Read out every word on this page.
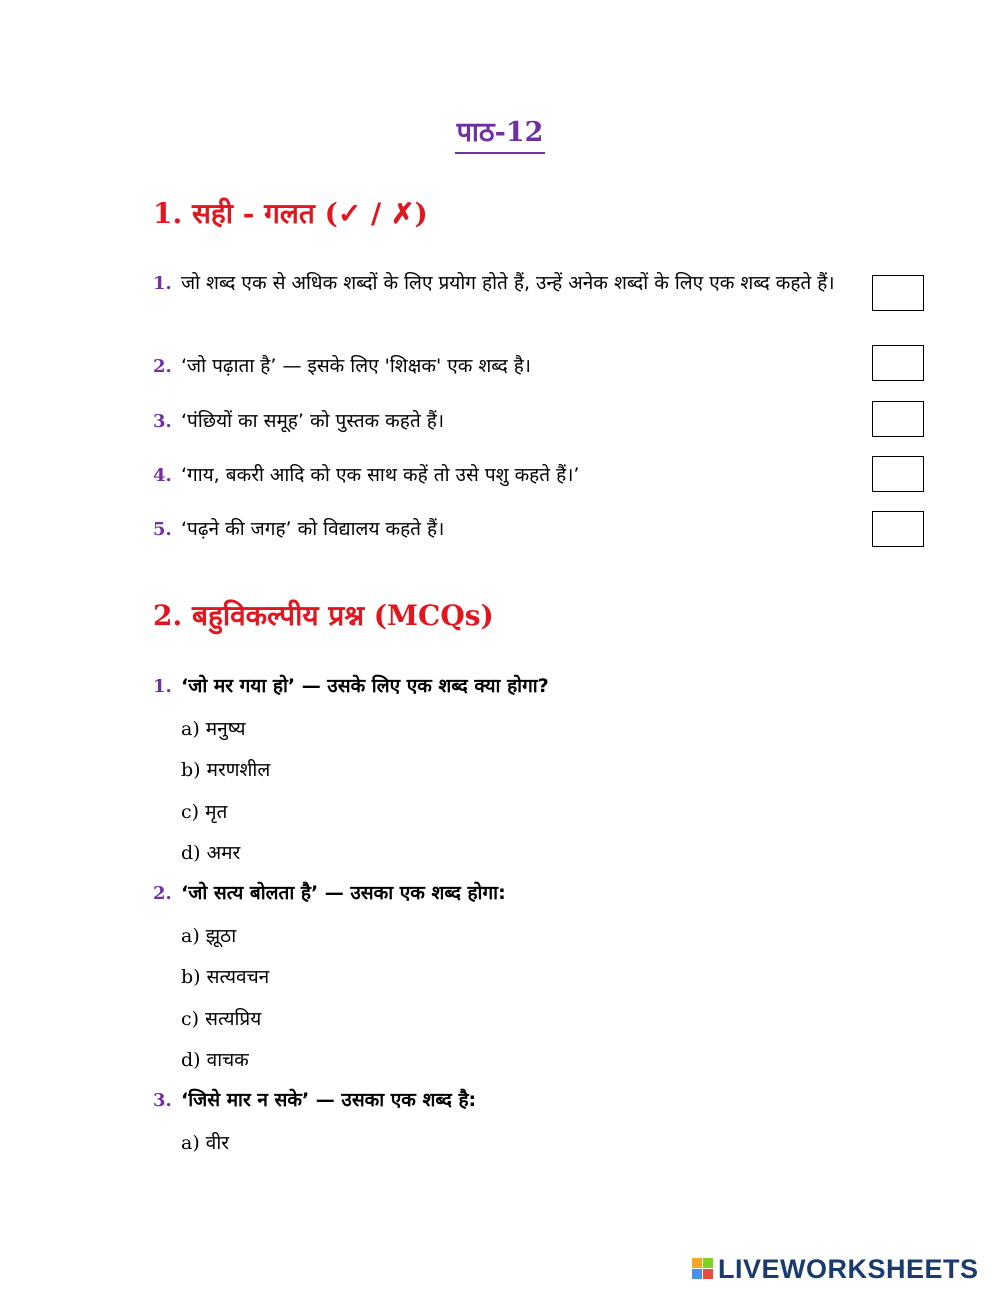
पाठ-12
1. सही - गलत (✓ / ✗)
1. जो शब्द एक से अधिक शब्दों के लिए प्रयोग होते हैं, उन्हें अनेक शब्दों के लिए एक शब्द कहते हैं।
2. ‘जो पढ़ाता है’ — इसके लिए 'शिक्षक' एक शब्द है।
3. ‘पंछियों का समूह’ को पुस्तक कहते हैं।
4. ‘गाय, बकरी आदि को एक साथ कहें तो उसे पशु कहते हैं।’
5. ‘पढ़ने की जगह’ को विद्यालय कहते हैं।
2. बहुविकल्पीय प्रश्न (MCQs)
1. ‘जो मर गया हो’ — उसके लिए एक शब्द क्या होगा?
a) मनुष्य
b) मरणशील
c) मृत
d) अमर
2. ‘जो सत्य बोलता है’ — उसका एक शब्द होगा:
a) झूठा
b) सत्यवचन
c) सत्यप्रिय
d) वाचक
3. ‘जिसे मार न सके’ — उसका एक शब्द है:
a) वीर
LIVEWORKSHEETS
